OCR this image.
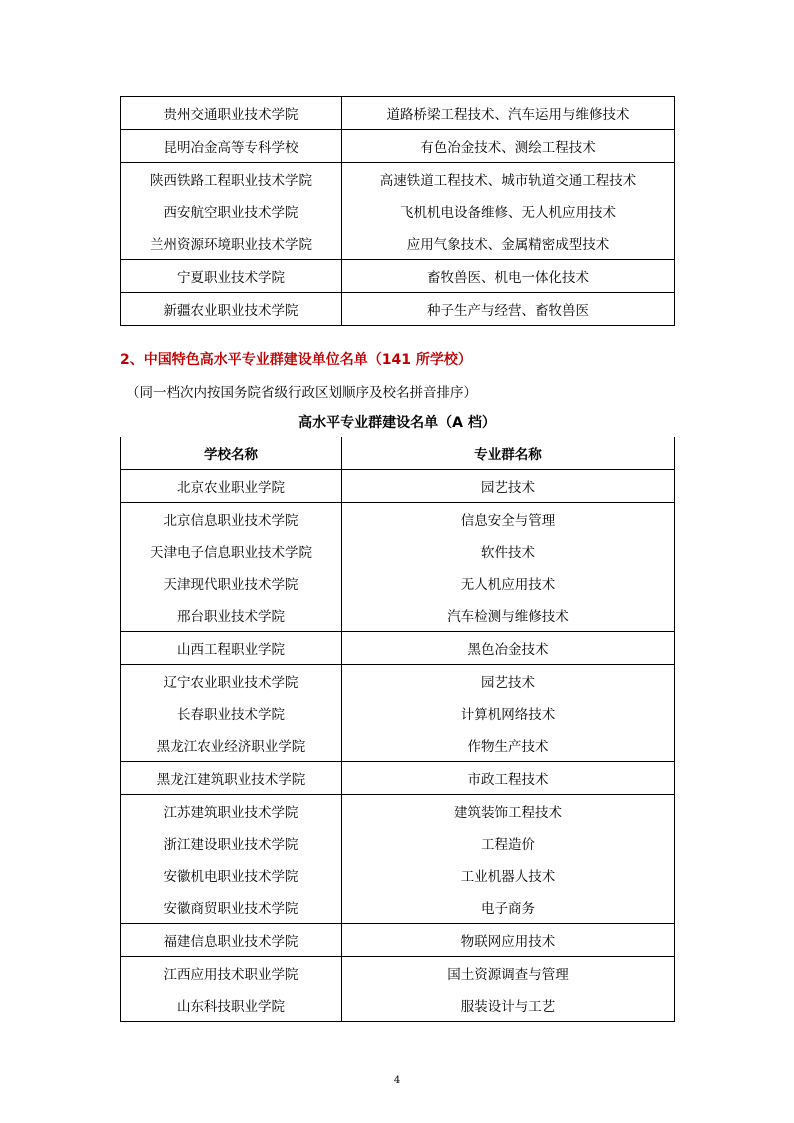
贵州交通职业技术学院	道路桥梁工程技术、汽车运用与维修技术
昆明冶金高等专科学校	有色冶金技术、测绘工程技术
陕西铁路工程职业技术学院	高速铁道工程技术、城市轨道交通工程技术
西安航空职业技术学院	飞机机电设备维修、无人机应用技术
兰州资源环境职业技术学院	应用气象技术、金属精密成型技术
宁夏职业技术学院	畜牧兽医、机电一体化技术
新疆农业职业技术学院	种子生产与经营、畜牧兽医
2、中国特色高水平专业群建设单位名单（141 所学校）
（同一档次内按国务院省级行政区划顺序及校名拼音排序）
高水平专业群建设名单（A 档）
学校名称	专业群名称
北京农业职业学院	园艺技术
北京信息职业技术学院	信息安全与管理
天津电子信息职业技术学院	软件技术
天津现代职业技术学院	无人机应用技术
邢台职业技术学院	汽车检测与维修技术
山西工程职业学院	黑色冶金技术
辽宁农业职业技术学院	园艺技术
长春职业技术学院	计算机网络技术
黑龙江农业经济职业学院	作物生产技术
黑龙江建筑职业技术学院	市政工程技术
江苏建筑职业技术学院	建筑装饰工程技术
浙江建设职业技术学院	工程造价
安徽机电职业技术学院	工业机器人技术
安徽商贸职业技术学院	电子商务
福建信息职业技术学院	物联网应用技术
江西应用技术职业学院	国土资源调查与管理
山东科技职业学院	服装设计与工艺
4
